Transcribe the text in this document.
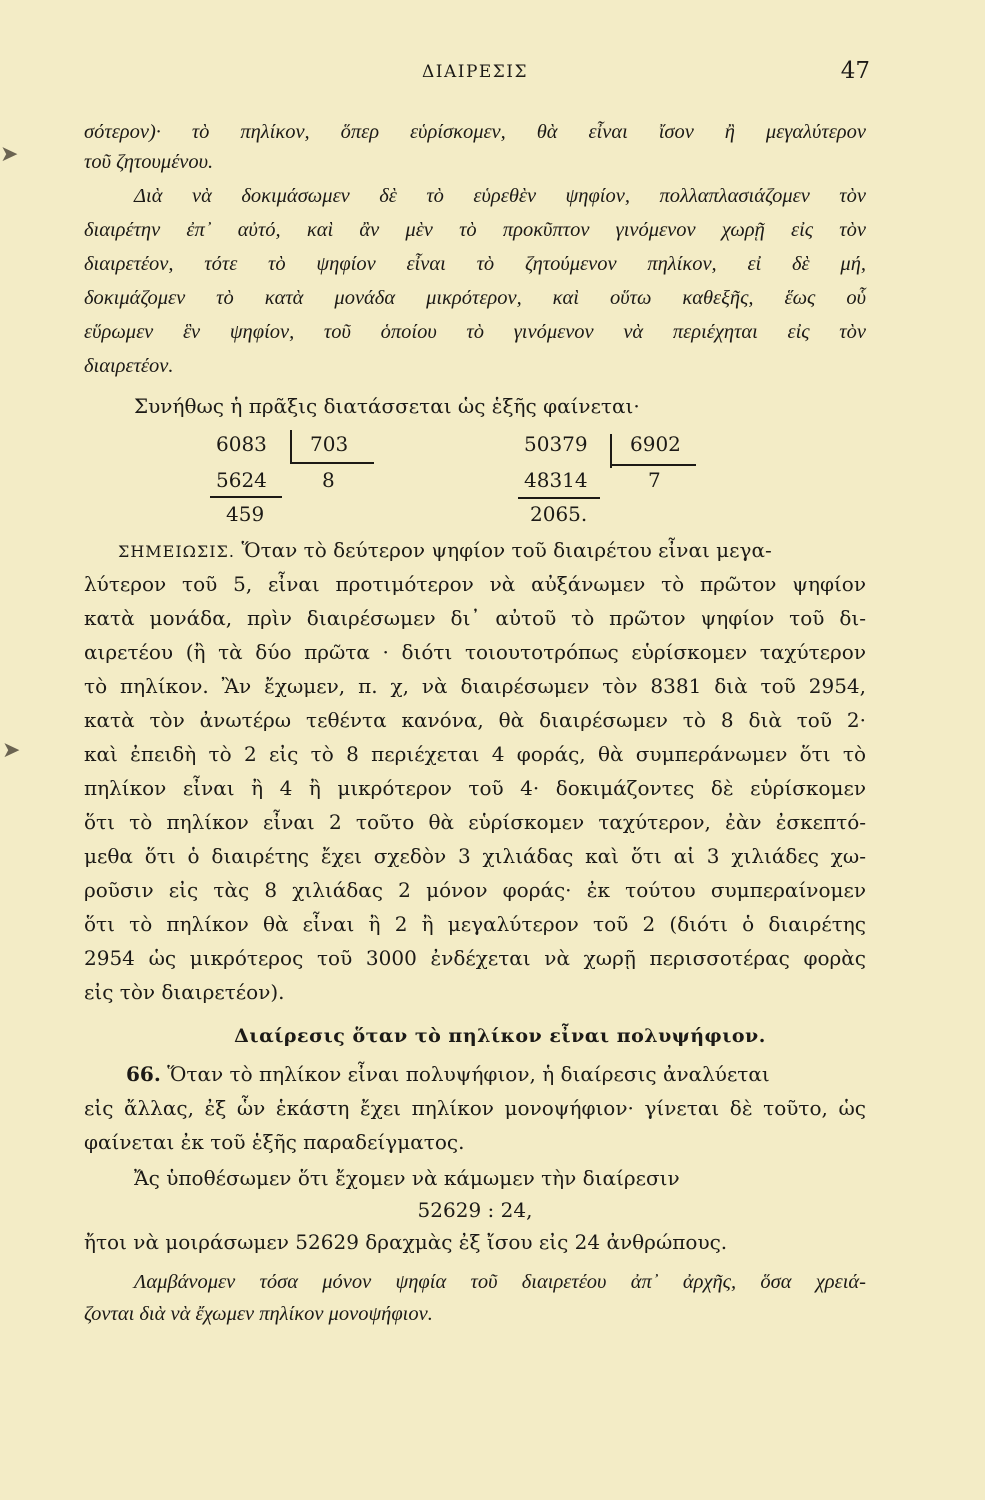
ΔΙΑΙΡΕΣΙΣ	47
➤
➤
σότερον)· τὸ πηλίκον, ὅπερ εὑρίσκομεν, θὰ εἶναι ἴσον ἢ μεγαλύτερον
τοῦ ζητουμένου.
Διὰ νὰ δοκιμάσωμεν δὲ τὸ εὑρεθὲν ψηφίον, πολλαπλασιάζομεν τὸν
διαιρέτην ἐπ᾽ αὐτό, καὶ ἂν μὲν τὸ προκῦπτον γινόμενον χωρῇ εἰς τὸν
διαιρετέον, τότε τὸ ψηφίον εἶναι τὸ ζητούμενον πηλίκον, εἰ δὲ μή,
δοκιμάζομεν τὸ κατὰ μονάδα μικρότερον, καὶ οὕτω καθεξῆς, ἕως οὗ
εὕρωμεν ἓν ψηφίον, τοῦ ὁποίου τὸ γινόμενον νὰ περιέχηται εἰς τὸν
διαιρετέον.
Συνήθως ἡ πρᾶξις διατάσσεται ὡς ἑξῆς φαίνεται·
6083 703
5624	8
459
50379 6902
48314	7
2065.
ΣΗΜΕΙΩΣΙΣ. Ὅταν τὸ δεύτερον ψηφίον τοῦ διαιρέτου εἶναι μεγα-
λύτερον τοῦ 5, εἶναι προτιμότερον νὰ αὐξάνωμεν τὸ πρῶτον ψηφίον
κατὰ μονάδα, πρὶν διαιρέσωμεν δι᾽ αὐτοῦ τὸ πρῶτον ψηφίον τοῦ δι-
αιρετέου (ἢ τὰ δύο πρῶτα · διότι τοιουτοτρόπως εὑρίσκομεν ταχύτερον
τὸ πηλίκον. Ἂν ἔχωμεν, π. χ, νὰ διαιρέσωμεν τὸν 8381 διὰ τοῦ 2954,
κατὰ τὸν ἀνωτέρω τεθέντα κανόνα, θὰ διαιρέσωμεν τὸ 8 διὰ τοῦ 2·
καὶ ἐπειδὴ τὸ 2 εἰς τὸ 8 περιέχεται 4 φοράς, θὰ συμπεράνωμεν ὅτι τὸ
πηλίκον εἶναι ἢ 4 ἢ μικρότερον τοῦ 4· δοκιμάζοντες δὲ εὑρίσκομεν
ὅτι τὸ πηλίκον εἶναι 2 τοῦτο θὰ εὑρίσκομεν ταχύτερον, ἐὰν ἐσκεπτό-
μεθα ὅτι ὁ διαιρέτης ἔχει σχεδὸν 3 χιλιάδας καὶ ὅτι αἱ 3 χιλιάδες χω-
ροῦσιν εἰς τὰς 8 χιλιάδας 2 μόνον φοράς· ἐκ τούτου συμπεραίνομεν
ὅτι τὸ πηλίκον θὰ εἶναι ἢ 2 ἢ μεγαλύτερον τοῦ 2 (διότι ὁ διαιρέτης
2954 ὡς μικρότερος τοῦ 3000 ἐνδέχεται νὰ χωρῇ περισσοτέρας φορὰς
εἰς τὸν διαιρετέον).
Διαίρεσις ὅταν τὸ πηλίκον εἶναι πολυψήφιον.
66. Ὅταν τὸ πηλίκον εἶναι πολυψήφιον, ἡ διαίρεσις ἀναλύεται
εἰς ἄλλας, ἐξ ὧν ἑκάστη ἔχει πηλίκον μονοψήφιον· γίνεται δὲ τοῦτο, ὡς
φαίνεται ἐκ τοῦ ἑξῆς παραδείγματος.
Ἄς ὑποθέσωμεν ὅτι ἔχομεν νὰ κάμωμεν τὴν διαίρεσιν
52629 : 24,
ἤτοι νὰ μοιράσωμεν 52629 δραχμὰς ἐξ ἴσου εἰς 24 ἀνθρώπους.
Λαμβάνομεν τόσα μόνον ψηφία τοῦ διαιρετέου ἀπ᾽ ἀρχῆς, ὅσα χρειά-
ζονται διὰ νὰ ἔχωμεν πηλίκον μονοψήφιον.
